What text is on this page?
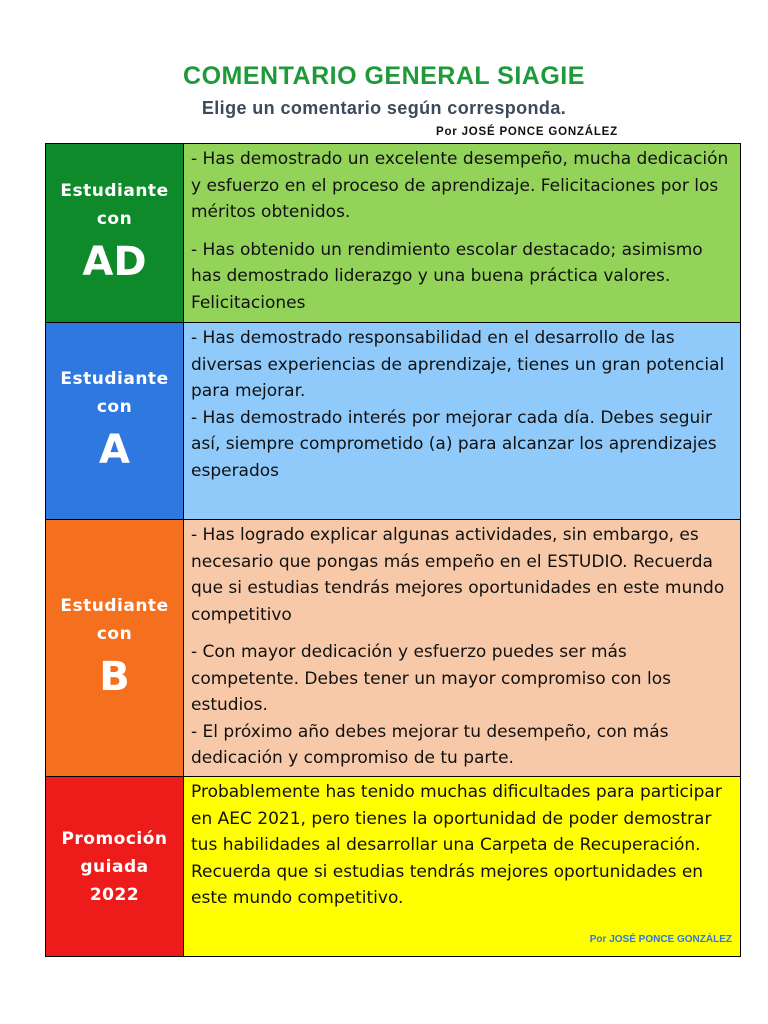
COMENTARIO GENERAL SIAGIE
Elige un comentario según corresponda.
Por JOSÉ PONCE GONZÁLEZ
Estudiante
con
AD

- Has demostrado un excelente desempeño, mucha dedicación y esfuerzo en el proceso de aprendizaje. Felicitaciones por los méritos obtenidos.

- Has obtenido un rendimiento escolar destacado; asimismo has demostrado liderazgo y una buena práctica valores. Felicitaciones

Estudiante
con
A

- Has demostrado responsabilidad en el desarrollo de las diversas experiencias de aprendizaje, tienes un gran potencial para mejorar.

- Has demostrado interés por mejorar cada día. Debes seguir así, siempre comprometido (a) para alcanzar los aprendizajes esperados

Estudiante
con
B

- Has logrado explicar algunas actividades, sin embargo, es necesario que pongas más empeño en el ESTUDIO. Recuerda que si estudias tendrás mejores oportunidades en este mundo competitivo

- Con mayor dedicación y esfuerzo puedes ser más competente. Debes tener un mayor compromiso con los estudios.

- El próximo año debes mejorar tu desempeño, con más dedicación y compromiso de tu parte.

Promoción
guiada
2022

Probablemente has tenido muchas dificultades para participar en AEC 2021, pero tienes la oportunidad de poder demostrar tus habilidades al desarrollar una Carpeta de Recuperación. Recuerda que si estudias tendrás mejores oportunidades en este mundo competitivo.

Por JOSÉ PONCE GONZÁLEZ
